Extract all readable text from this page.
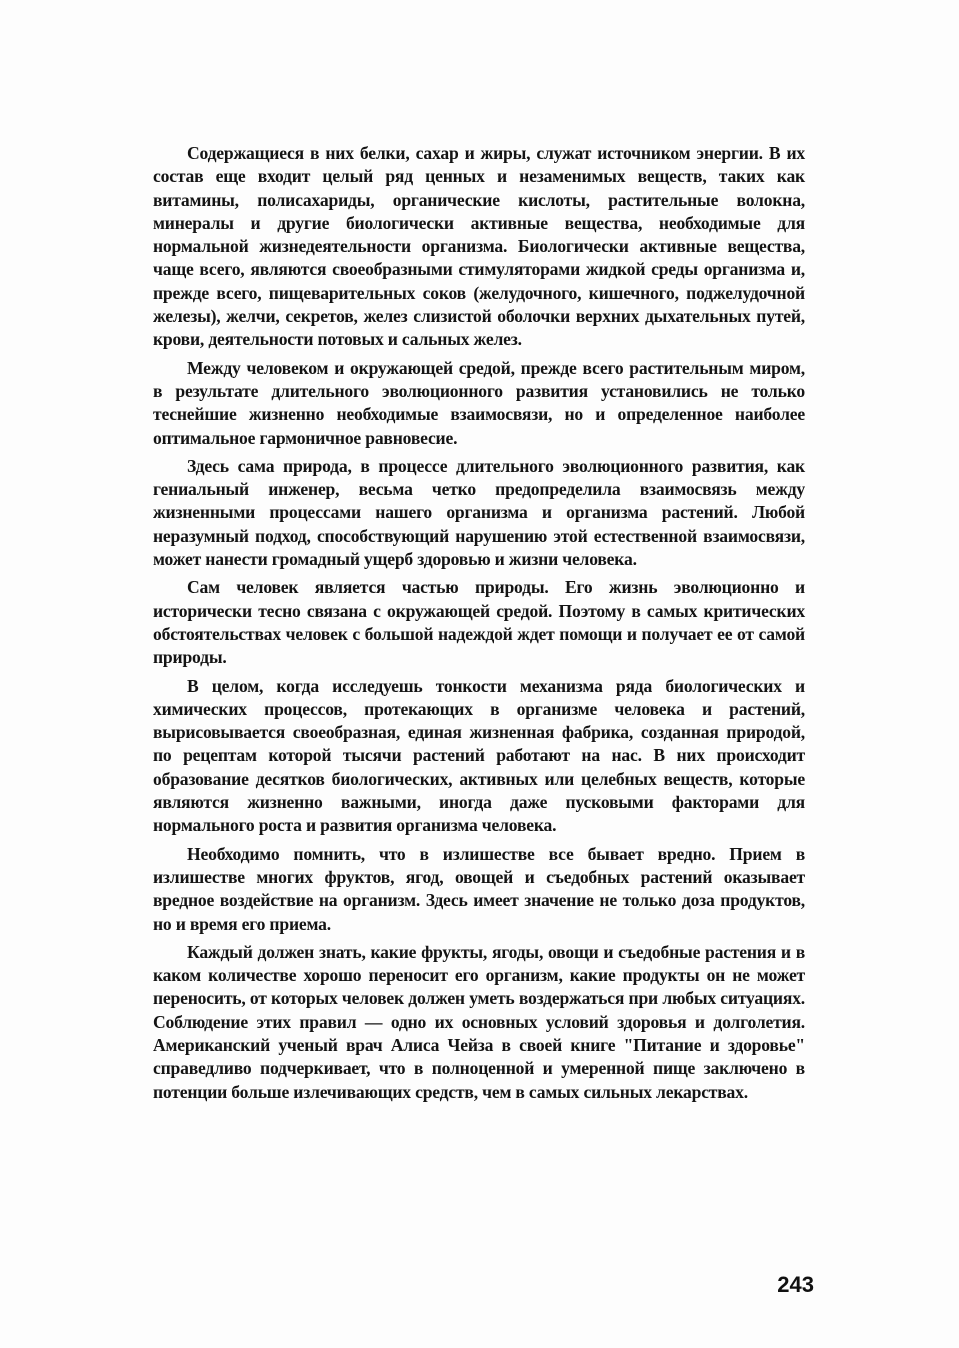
Содержащиеся в них белки, сахар и жиры, служат источником энергии. В их состав еще входит целый ряд ценных и незаменимых веществ, таких как витамины, полисахариды, органические кислоты, растительные волокна, минералы и другие биологически активные вещества, необходимые для нормальной жизнедеятельности организма. Биологически активные вещества, чаще всего, являются своеобразными стимуляторами жидкой среды организма и, прежде всего, пищеварительных соков (желудочного, кишечного, поджелудочной железы), желчи, секретов, желез слизистой оболочки верхних дыхательных путей, крови, деятельности потовых и сальных желез.

Между человеком и окружающей средой, прежде всего растительным миром, в результате длительного эволюционного развития установились не только теснейшие жизненно необходимые взаимосвязи, но и определенное наиболее оптимальное гармоничное равновесие.

Здесь сама природа, в процессе длительного эволюционного развития, как гениальный инженер, весьма четко предопределила взаимосвязь между жизненными процессами нашего организма и организма растений. Любой неразумный подход, способствующий нарушению этой естественной взаимосвязи, может нанести громадный ущерб здоровью и жизни человека.

Сам человек является частью природы. Его жизнь эволюционно и исторически тесно связана с окружающей средой. Поэтому в самых критических обстоятельствах человек с большой надеждой ждет помощи и получает ее от самой природы.

В целом, когда исследуешь тонкости механизма ряда биологических и химических процессов, протекающих в организме человека и растений, вырисовывается своеобразная, единая жизненная фабрика, созданная природой, по рецептам которой тысячи растений работают на нас. В них происходит образование десятков биологических, активных или целебных веществ, которые являются жизненно важными, иногда даже пусковыми факторами для нормального роста и развития организма человека.

Необходимо помнить, что в излишестве все бывает вредно. Прием в излишестве многих фруктов, ягод, овощей и съедобных растений оказывает вредное воздействие на организм. Здесь имеет значение не только доза продуктов, но и время его приема.

Каждый должен знать, какие фрукты, ягоды, овощи и съедобные растения и в каком количестве хорошо переносит его организм, какие продукты он не может переносить, от которых человек должен уметь воздержаться при любых ситуациях. Соблюдение этих правил — одно их основных условий здоровья и долголетия. Американский ученый врач Алиса Чейза в своей книге "Питание и здоровье" справедливо подчеркивает, что в полноценной и умеренной пище заключено в потенции больше излечивающих средств, чем в самых сильных лекарствах.

243
